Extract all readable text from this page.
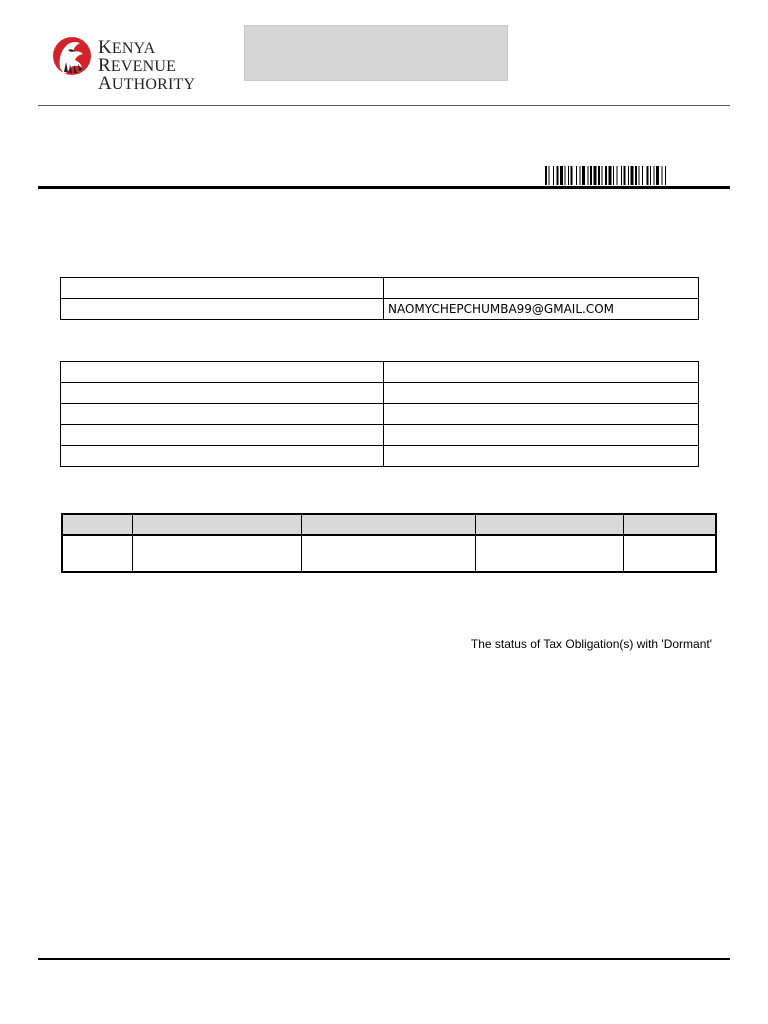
KENYA REVENUE
AUTHORITY

	NAOMYCHEPCHUMBA99@GMAIL.COM

The status of Tax Obligation(s) with 'Dormant'
